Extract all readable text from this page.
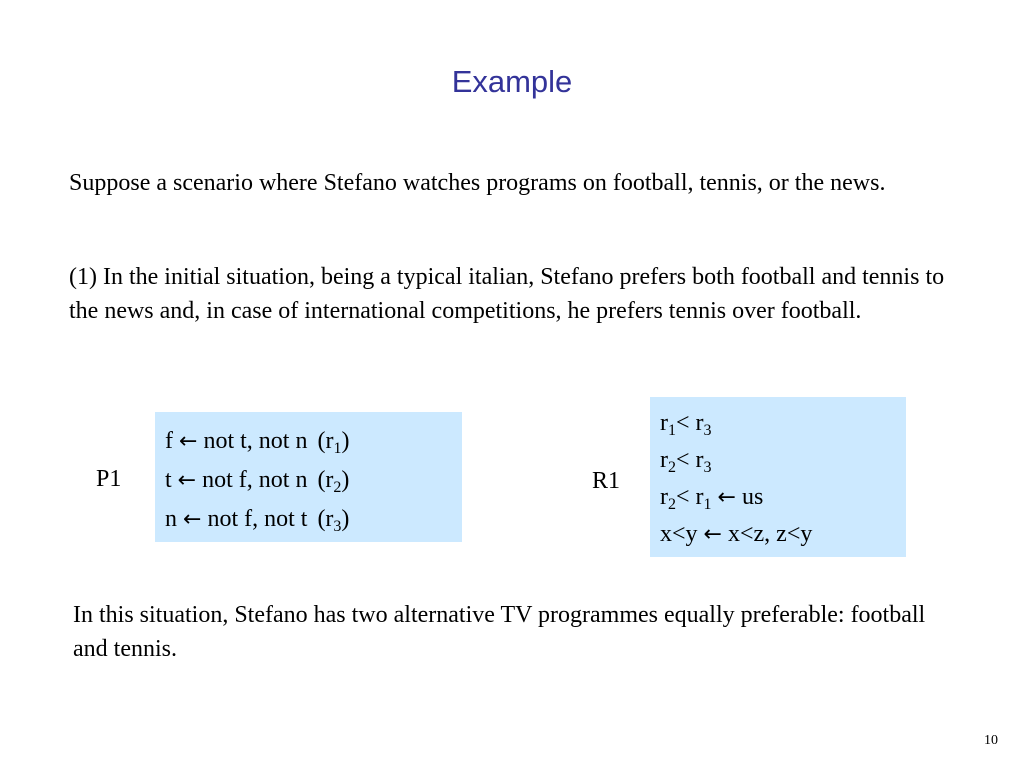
Example

Suppose a scenario where Stefano watches programs on football, tennis, or the news.

(1) In the initial situation, being a typical italian, Stefano prefers both football and tennis to the news and, in case of international competitions, he prefers tennis over football.

P1
f ← not t, not n $(r_1)$
t ← not f, not n $(r_2)$
n ← not f, not t $(r_3)$
R1
$r_1< r_3$
$r_2< r_3$
$r_2< r_1$ ← us
x<y ← x<z, z<y

In this situation, Stefano has two alternative TV programmes equally preferable: football and tennis.

10
